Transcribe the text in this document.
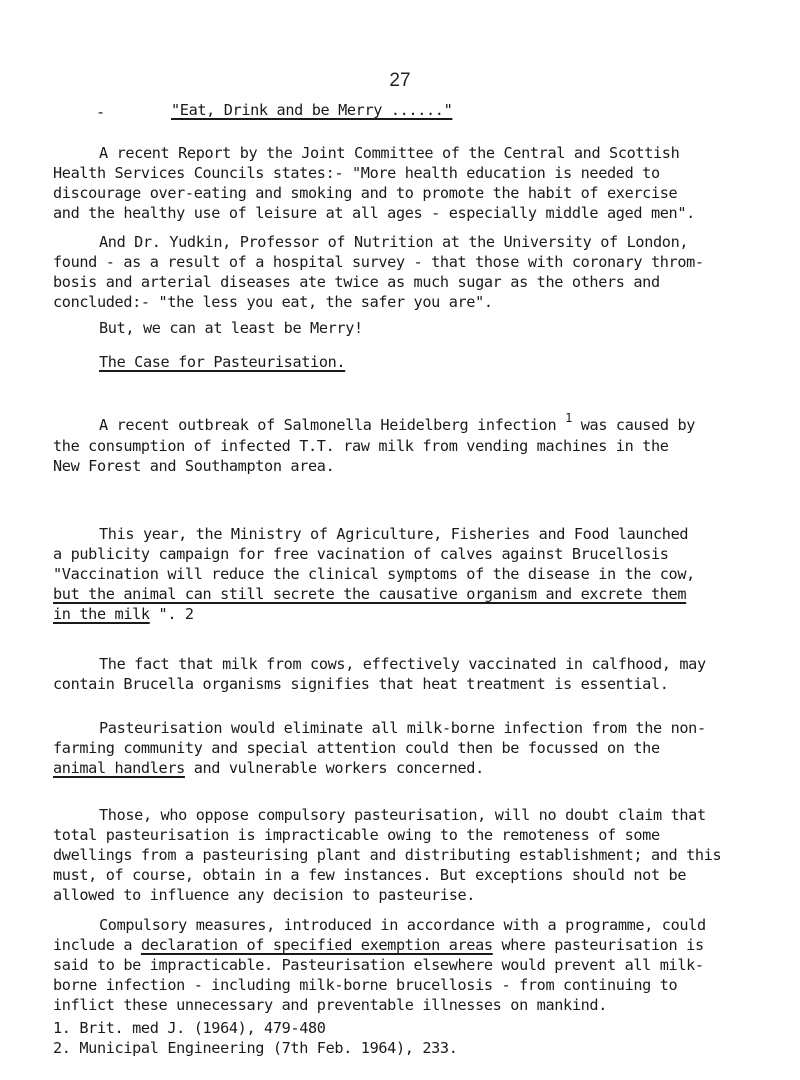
27
-	"Eat, Drink and be Merry ......"
A recent Report by the Joint Committee of the Central and Scottish
Health Services Councils states:- "More health education is needed to
discourage over-eating and smoking and to promote the habit of exercise
and the healthy use of leisure at all ages - especially middle aged men".
And Dr. Yudkin, Professor of Nutrition at the University of London,
found - as a result of a hospital survey - that those with coronary throm-
bosis and arterial diseases ate twice as much sugar as the others and
concluded:- "the less you eat, the safer you are".
But, we can at least be Merry!
The Case for Pasteurisation.
A recent outbreak of Salmonella Heidelberg infection $^1$ was caused by
the consumption of infected T.T. raw milk from vending machines in the
New Forest and Southampton area.
This year, the Ministry of Agriculture, Fisheries and Food launched
a publicity campaign for free vacination of calves against Brucellosis
"Vaccination will reduce the clinical symptoms of the disease in the cow,
but the animal can still secrete the causative organism and excrete them
in the milk ". 2
The fact that milk from cows, effectively vaccinated in calfhood, may
contain Brucella organisms signifies that heat treatment is essential.
Pasteurisation would eliminate all milk-borne infection from the non-
farming community and special attention could then be focussed on the
animal handlers and vulnerable workers concerned.
Those, who oppose compulsory pasteurisation, will no doubt claim that
total pasteurisation is impracticable owing to the remoteness of some
dwellings from a pasteurising plant and distributing establishment; and this
must, of course, obtain in a few instances. But exceptions should not be
allowed to influence any decision to pasteurise.
Compulsory measures, introduced in accordance with a programme, could
include a declaration of specified exemption areas where pasteurisation is
said to be impracticable. Pasteurisation elsewhere would prevent all milk-
borne infection - including milk-borne brucellosis - from continuing to
inflict these unnecessary and preventable illnesses on mankind.
1. Brit. med J. (1964), 479-480
2. Municipal Engineering (7th Feb. 1964), 233.
